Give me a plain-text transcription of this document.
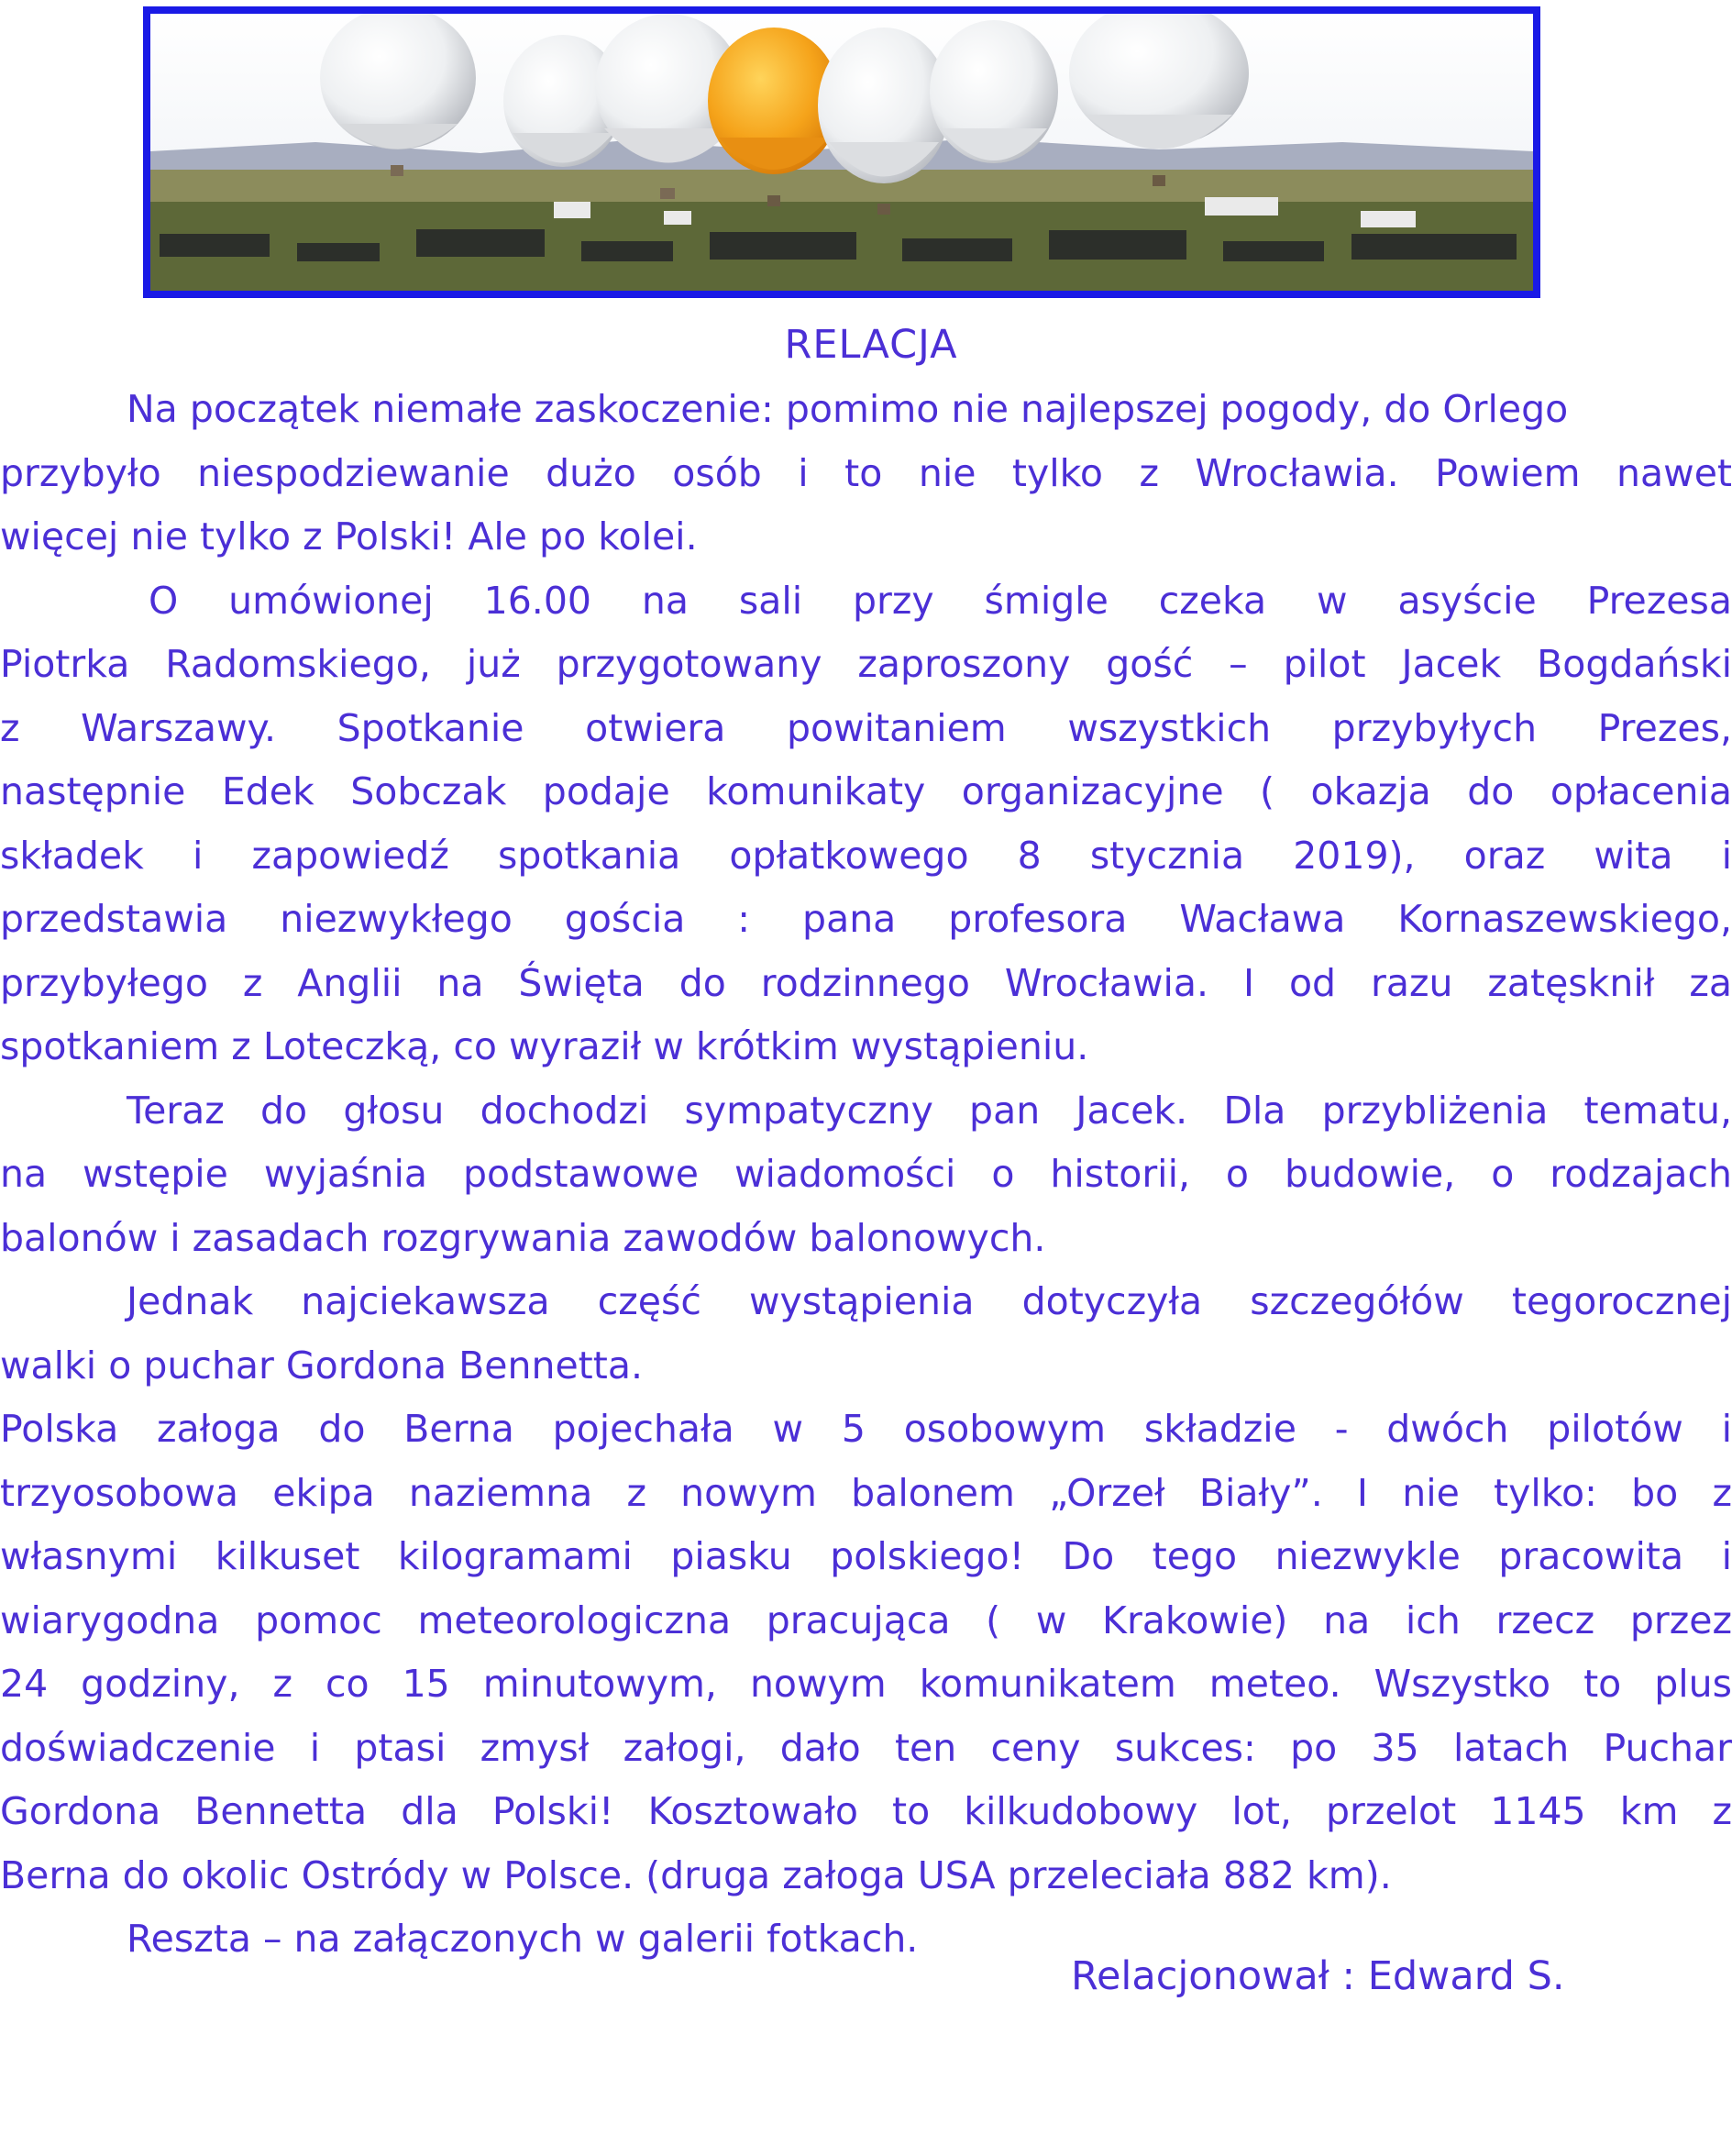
RELACJA
Na początek niemałe zaskoczenie: pomimo nie najlepszej pogody, do Orlego
przybyło niespodziewanie dużo osób i to nie tylko z Wrocławia. Powiem nawet
więcej nie tylko z Polski! Ale po kolei.
O umówionej 16.00 na sali przy śmigle czeka w asyście Prezesa
Piotrka Radomskiego, już przygotowany zaproszony gość – pilot Jacek Bogdański
z Warszawy. Spotkanie otwiera powitaniem wszystkich przybyłych Prezes,
następnie Edek Sobczak podaje komunikaty organizacyjne ( okazja do opłacenia
składek i zapowiedź spotkania opłatkowego 8 stycznia 2019), oraz wita i
przedstawia niezwykłego gościa : pana profesora Wacława Kornaszewskiego,
przybyłego z Anglii na Święta do rodzinnego Wrocławia. I od razu zatęsknił za
spotkaniem z Loteczką, co wyraził w krótkim wystąpieniu.
Teraz do głosu dochodzi sympatyczny pan Jacek. Dla przybliżenia tematu,
na wstępie wyjaśnia podstawowe wiadomości o historii, o budowie, o rodzajach
balonów i zasadach rozgrywania zawodów balonowych.
Jednak najciekawsza część wystąpienia dotyczyła szczegółów tegorocznej
walki o puchar Gordona Bennetta.
Polska załoga do Berna pojechała w 5 osobowym składzie - dwóch pilotów i
trzyosobowa ekipa naziemna z nowym balonem „Orzeł Biały”. I nie tylko: bo z
własnymi kilkuset kilogramami piasku polskiego! Do tego niezwykle pracowita i
wiarygodna pomoc meteorologiczna pracująca ( w Krakowie) na ich rzecz przez
24 godziny, z co 15 minutowym, nowym komunikatem meteo. Wszystko to plus
doświadczenie i ptasi zmysł załogi, dało ten ceny sukces: po 35 latach Puchar
Gordona Bennetta dla Polski! Kosztowało to kilkudobowy lot, przelot 1145 km z
Berna do okolic Ostródy w Polsce. (druga załoga USA przeleciała 882 km).
Reszta – na załączonych w galerii fotkach.
Relacjonował : Edward S.
